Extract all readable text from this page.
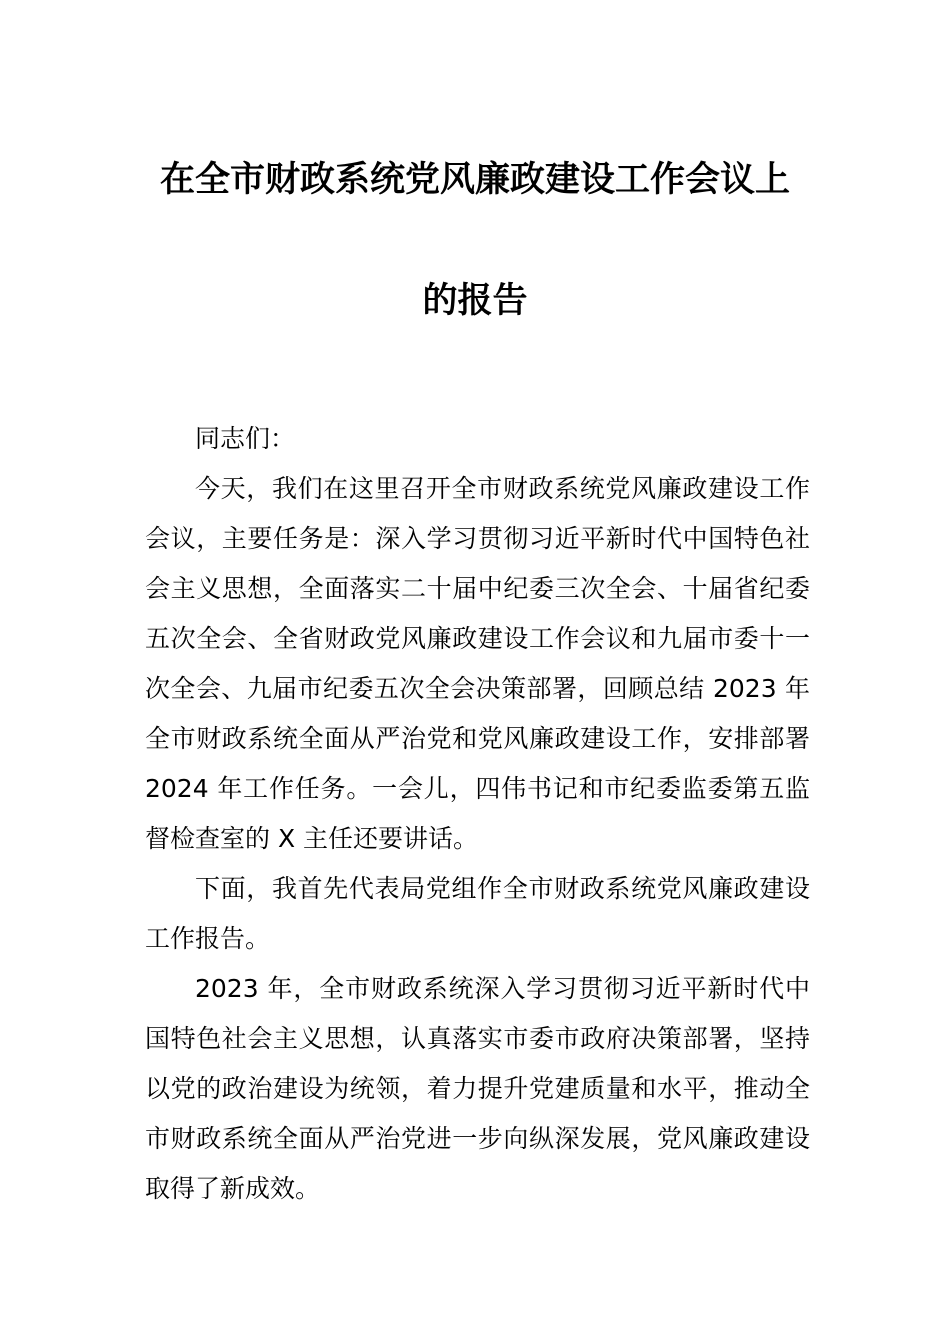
在全市财政系统党风廉政建设工作会议上
的报告

同志们：

今天，我们在这里召开全市财政系统党风廉政建设工作会议，主要任务是：深入学习贯彻习近平新时代中国特色社会主义思想，全面落实二十届中纪委三次全会、十届省纪委五次全会、全省财政党风廉政建设工作会议和九届市委十一次全会、九届市纪委五次全会决策部署，回顾总结 2023 年全市财政系统全面从严治党和党风廉政建设工作，安排部署 2024 年工作任务。一会儿，四伟书记和市纪委监委第五监督检查室的 X 主任还要讲话。

下面，我首先代表局党组作全市财政系统党风廉政建设工作报告。

2023 年，全市财政系统深入学习贯彻习近平新时代中国特色社会主义思想，认真落实市委市政府决策部署，坚持以党的政治建设为统领，着力提升党建质量和水平，推动全市财政系统全面从严治党进一步向纵深发展，党风廉政建设取得了新成效。
